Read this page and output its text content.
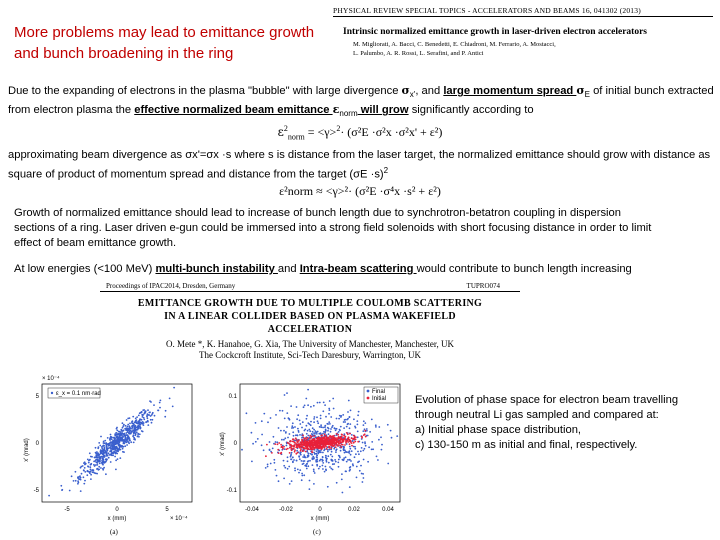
More problems may lead to emittance growth and bunch broadening in the ring
PHYSICAL REVIEW SPECIAL TOPICS - ACCELERATORS AND BEAMS 16, 041302 (2013)
Intrinsic normalized emittance growth in laser-driven electron accelerators
M. Migliorati, A. Bacci, C. Benedetti, E. Chiadroni, M. Ferrario, A. Mostacci,
L. Palumbo, A. R. Rossi, L. Serafini, and P. Antici
Due to the expanding of electrons in the plasma "bubble" with large divergence $\sigma_{x'}$, and large momentum spread $\sigma_E$ of initial bunch extracted from electron plasma the effective normalized beam emittance $\varepsilon_{norm}$ will grow significantly according to
$\varepsilon^2_{norm} = <\gamma>^2\cdot (\sigma^2E \cdot\sigma^2x \cdot\sigma^2x' + \varepsilon^2)$
approximating beam divergence as σx'=σx ·s where s is distance from the laser target, the normalized emittance should grow with distance as square of product of momentum spread and distance from the target $(\sigma E \cdot s)^2$
ε²norm ≈ <γ>²· (σ²E ·σ⁴x ·s² + ε²)
Growth of normalized emittance should lead to increase of bunch length due to synchrotron-betatron coupling in dispersion sections of a ring. Laser driven e-gun could be immersed into a strong field solenoids with short focusing distance in order to limit effect of beam emittance growth.
At low energies (<100 MeV) multi-bunch instability and Intra-beam scattering would contribute to bunch length increasing
Proceedings of IPAC2014, Dresden, Germany	TUPRO074
EMITTANCE GROWTH DUE TO MULTIPLE COULOMB SCATTERING
IN A LINEAR COLLIDER BASED ON PLASMA WAKEFIELD
ACCELERATION
O. Mete *, K. Hanahoe, G. Xia, The University of Manchester, Manchester, UK
The Cockcroft Institute, Sci-Tech Daresbury, Warrington, UK
× 10⁻⁴
ε_x = 0.1 nm·rad
-5	0	5
-5
0
5
x (mm)	× 10⁻⁴
x' (mrad)
(a)
Final
Initial
-0.04	-0.02	0	0.02	0.04
-0.1
0
0.1
x (mm)
x' (mrad)
(c)
Evolution of phase space for electron beam travelling through neutral Li gas sampled and compared at:
a) Initial phase space distribution,
c) 130-150 m as initial and final, respectively.
